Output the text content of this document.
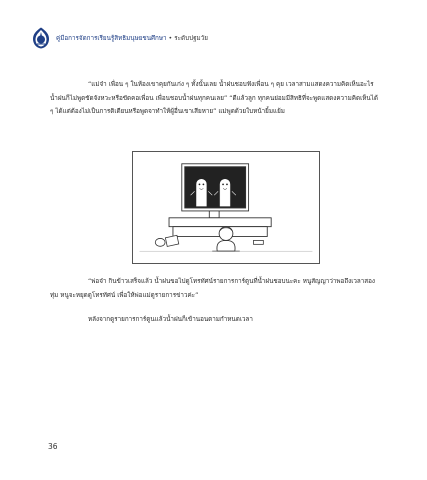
คู่มือการจัดการเรียนรู้สิทธิมนุษยชนศึกษา • ระดับปฐมวัย

“แม่จ๋า เพื่อน ๆ ในห้องเขาคุยกันเก่ง ๆ ทั้งนั้นเลย น้ำฝนชอบฟังเพื่อน ๆ คุย เวลาสามแสดงความคิดเห็นอะไร น้ำฝนก็ไม่พูดขัดจังหวะหรือขัดคอเพื่อน เพื่อนชอบน้ำฝนทุกคนเลย” “ดีแล้วลูก ทุกคนย่อมมีสิทธิที่จะพูดแสดงความคิดเห็นได้ ๆ ได้แต่ต้องไม่เป็นการติเตียนหรือพูดจาทำให้ผู้อื่นเขาเสียหาย” แม่พูดด้วยใบหน้ายิ้มแย้ม

“พ่อจ๋า กินข้าวเสร็จแล้ว น้ำฝนขอไปดูโทรทัศน์รายการการ์ตูนที่น้ำฝนชอบนะคะ หนูสัญญาว่าพอถึงเวลาสองทุ่ม หนูจะหยุดดูโทรทัศน์ เพื่อให้พ่อแม่ดูรายการข่าวค่ะ”

หลังจากดูรายการการ์ตูนแล้วน้ำฝนก็เข้านอนตามกำหนดเวลา

36
